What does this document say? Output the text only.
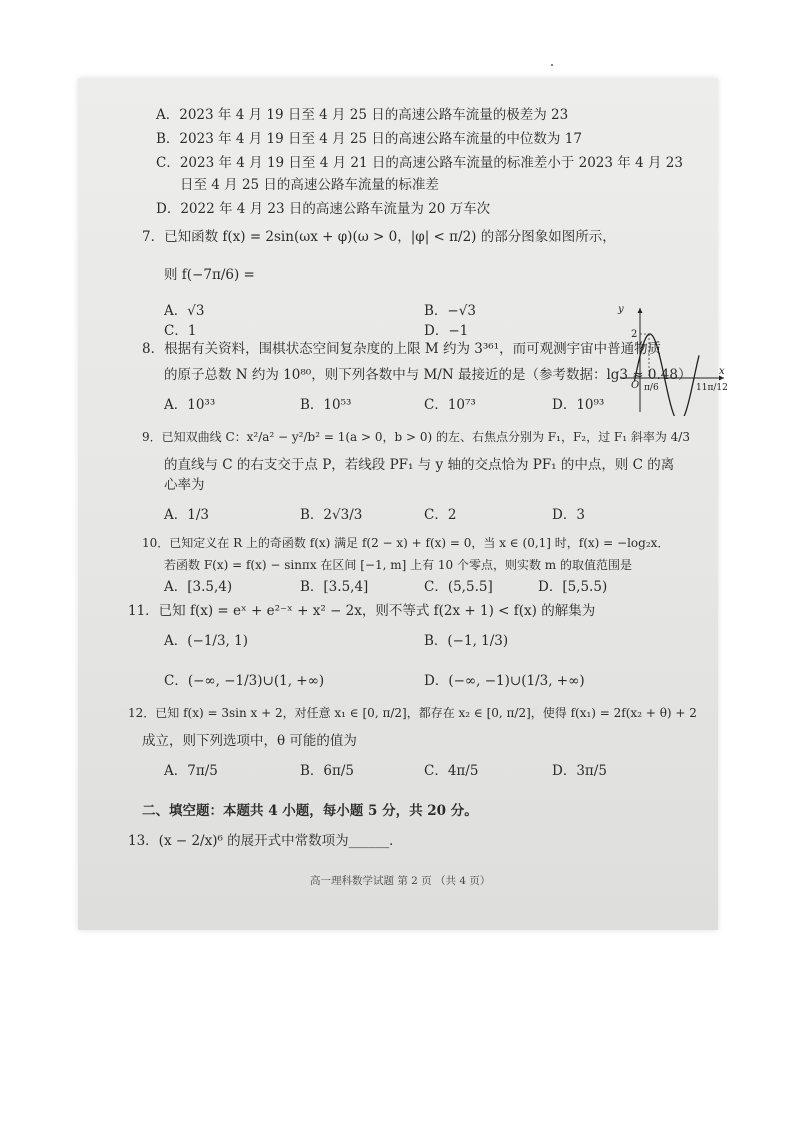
A．2023 年 4 月 19 日至 4 月 25 日的高速公路车流量的极差为 23
B．2023 年 4 月 19 日至 4 月 25 日的高速公路车流量的中位数为 17
C．2023 年 4 月 19 日至 4 月 21 日的高速公路车流量的标准差小于 2023 年 4 月 23
日至 4 月 25 日的高速公路车流量的标准差
D．2022 年 4 月 23 日的高速公路车流量为 20 万车次
7．已知函数 f(x) = 2sin(ωx + φ)(ω > 0，|φ| < π/2) 的部分图象如图所示，
则 f(−7π/6) =
A．√3	B．−√3
C．1	D．−1
8．根据有关资料，围棋状态空间复杂度的上限 M 约为 3³⁶¹，而可观测宇宙中普通物质
的原子总数 N 约为 10⁸⁰，则下列各数中与 M/N 最接近的是（参考数据：lg3 ≈ 0.48）
A．10³³	B．10⁵³	C．10⁷³	D．10⁹³
9．已知双曲线 C：x²/a² − y²/b² = 1(a > 0，b > 0) 的左、右焦点分别为 F₁，F₂，过 F₁ 斜率为 4/3
的直线与 C 的右支交于点 P，若线段 PF₁ 与 y 轴的交点恰为 PF₁ 的中点，则 C 的离
心率为
A．1/3	B．2√3/3	C．2	D．3
10．已知定义在 R 上的奇函数 f(x) 满足 f(2 − x) + f(x) = 0，当 x ∈ (0,1] 时，f(x) = −log₂x．
若函数 F(x) = f(x) − sinπx 在区间 [−1, m] 上有 10 个零点，则实数 m 的取值范围是
A．[3.5,4)	B．[3.5,4]	C．(5,5.5]	D．[5,5.5)
11．已知 f(x) = eˣ + e²⁻ˣ + x² − 2x，则不等式 f(2x + 1) < f(x) 的解集为
A．(−1/3, 1)	B．(−1, 1/3)
C．(−∞, −1/3)∪(1, +∞)	D．(−∞, −1)∪(1/3, +∞)
12．已知 f(x) = 3sin x + 2，对任意 x₁ ∈ [0, π/2]，都存在 x₂ ∈ [0, π/2]，使得 f(x₁) = 2f(x₂ + θ) + 2
成立，则下列选项中，θ 可能的值为
A．7π/5	B．6π/5	C．4π/5	D．3π/5
二、填空题：本题共 4 小题，每小题 5 分，共 20 分。
13．(x − 2/x)⁶ 的展开式中常数项为______．
高一理科数学试题 第 2 页 （共 4 页）
y
x
O
2
π/6	11π/12
